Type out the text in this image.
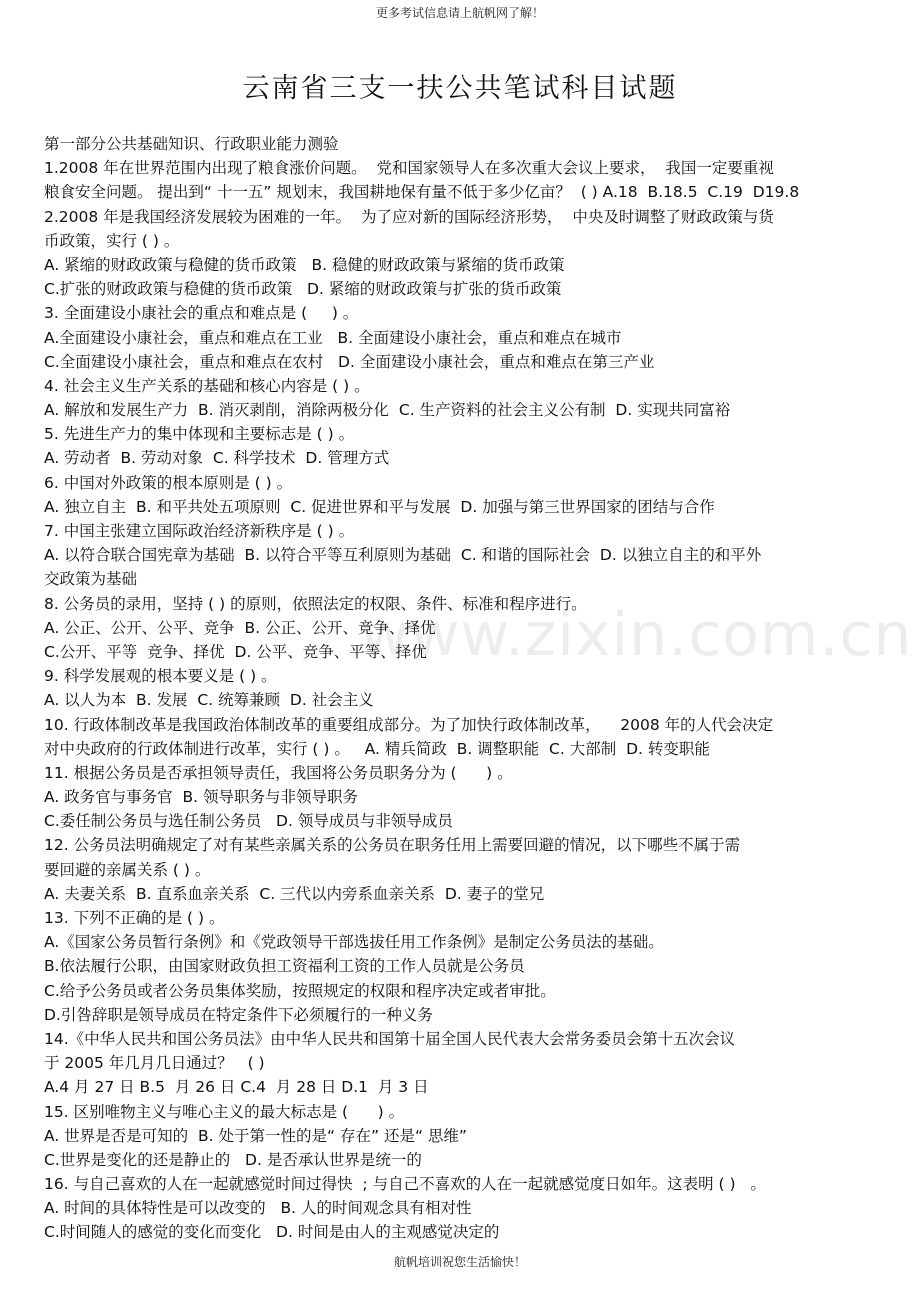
更多考试信息请上航帆网了解！
云南省三支一扶公共笔试科目试题
www.zixin.com.cn
第一部分公共基础知识、行政职业能力测验
1.2008 年在世界范围内出现了粮食涨价问题。  党和国家领导人在多次重大会议上要求，  我国一定要重视
粮食安全问题。 提出到“ 十一五” 规划末，我国耕地保有量不低于多少亿亩？  ( ) A.18  B.18.5  C.19  D19.8
2.2008 年是我国经济发展较为困难的一年。  为了应对新的国际经济形势，  中央及时调整了财政政策与货
币政策，实行 ( ) 。
A. 紧缩的财政政策与稳健的货币政策   B. 稳健的财政政策与紧缩的货币政策
C.扩张的财政政策与稳健的货币政策   D. 紧缩的财政政策与扩张的货币政策
3. 全面建设小康社会的重点和难点是 (     ) 。
A.全面建设小康社会，重点和难点在工业   B. 全面建设小康社会，重点和难点在城市
C.全面建设小康社会，重点和难点在农村   D. 全面建设小康社会，重点和难点在第三产业
4. 社会主义生产关系的基础和核心内容是 ( ) 。
A. 解放和发展生产力  B. 消灭剥削，消除两极分化  C. 生产资料的社会主义公有制  D. 实现共同富裕
5. 先进生产力的集中体现和主要标志是 ( ) 。
A. 劳动者  B. 劳动对象  C. 科学技术  D. 管理方式
6. 中国对外政策的根本原则是 ( ) 。
A. 独立自主  B. 和平共处五项原则  C. 促进世界和平与发展  D. 加强与第三世界国家的团结与合作
7. 中国主张建立国际政治经济新秩序是 ( ) 。
A. 以符合联合国宪章为基础  B. 以符合平等互利原则为基础  C. 和谐的国际社会  D. 以独立自主的和平外
交政策为基础
8. 公务员的录用，坚持 ( ) 的原则，依照法定的权限、条件、标准和程序进行。
A. 公正、公开、公平、竞争  B. 公正、公开、竞争、择优
C.公开、平等  竞争、择优  D. 公平、竞争、平等、择优
9. 科学发展观的根本要义是 ( ) 。
A. 以人为本  B. 发展  C. 统筹兼顾  D. 社会主义
10. 行政体制改革是我国政治体制改革的重要组成部分。为了加快行政体制改革，    2008 年的人代会决定
对中央政府的行政体制进行改革，实行 ( ) 。   A. 精兵简政  B. 调整职能  C. 大部制  D. 转变职能
11. 根据公务员是否承担领导责任，我国将公务员职务分为 (      ) 。
A. 政务官与事务官  B. 领导职务与非领导职务
C.委任制公务员与选任制公务员   D. 领导成员与非领导成员
12. 公务员法明确规定了对有某些亲属关系的公务员在职务任用上需要回避的情况，以下哪些不属于需
要回避的亲属关系 ( ) 。
A. 夫妻关系  B. 直系血亲关系  C. 三代以内旁系血亲关系  D. 妻子的堂兄
13. 下列不正确的是 ( ) 。
A.《国家公务员暂行条例》和《党政领导干部选拔任用工作条例》是制定公务员法的基础。
B.依法履行公职，由国家财政负担工资福利工资的工作人员就是公务员
C.给予公务员或者公务员集体奖励，按照规定的权限和程序决定或者审批。
D.引咎辞职是领导成员在特定条件下必须履行的一种义务
14.《中华人民共和国公务员法》由中华人民共和国第十届全国人民代表大会常务委员会第十五次会议
于 2005 年几月几日通过？   ( )
A.4 月 27 日 B.5  月 26 日 C.4  月 28 日 D.1  月 3 日
15. 区别唯物主义与唯心主义的最大标志是 (      ) 。
A. 世界是否是可知的  B. 处于第一性的是“ 存在” 还是“ 思维”
C.世界是变化的还是静止的   D. 是否承认世界是统一的
16. 与自己喜欢的人在一起就感觉时间过得快  ; 与自己不喜欢的人在一起就感觉度日如年。这表明 ( )   。
A. 时间的具体特性是可以改变的   B. 人的时间观念具有相对性
C.时间随人的感觉的变化而变化   D. 时间是由人的主观感觉决定的
航帆培训祝您生活愉快！
